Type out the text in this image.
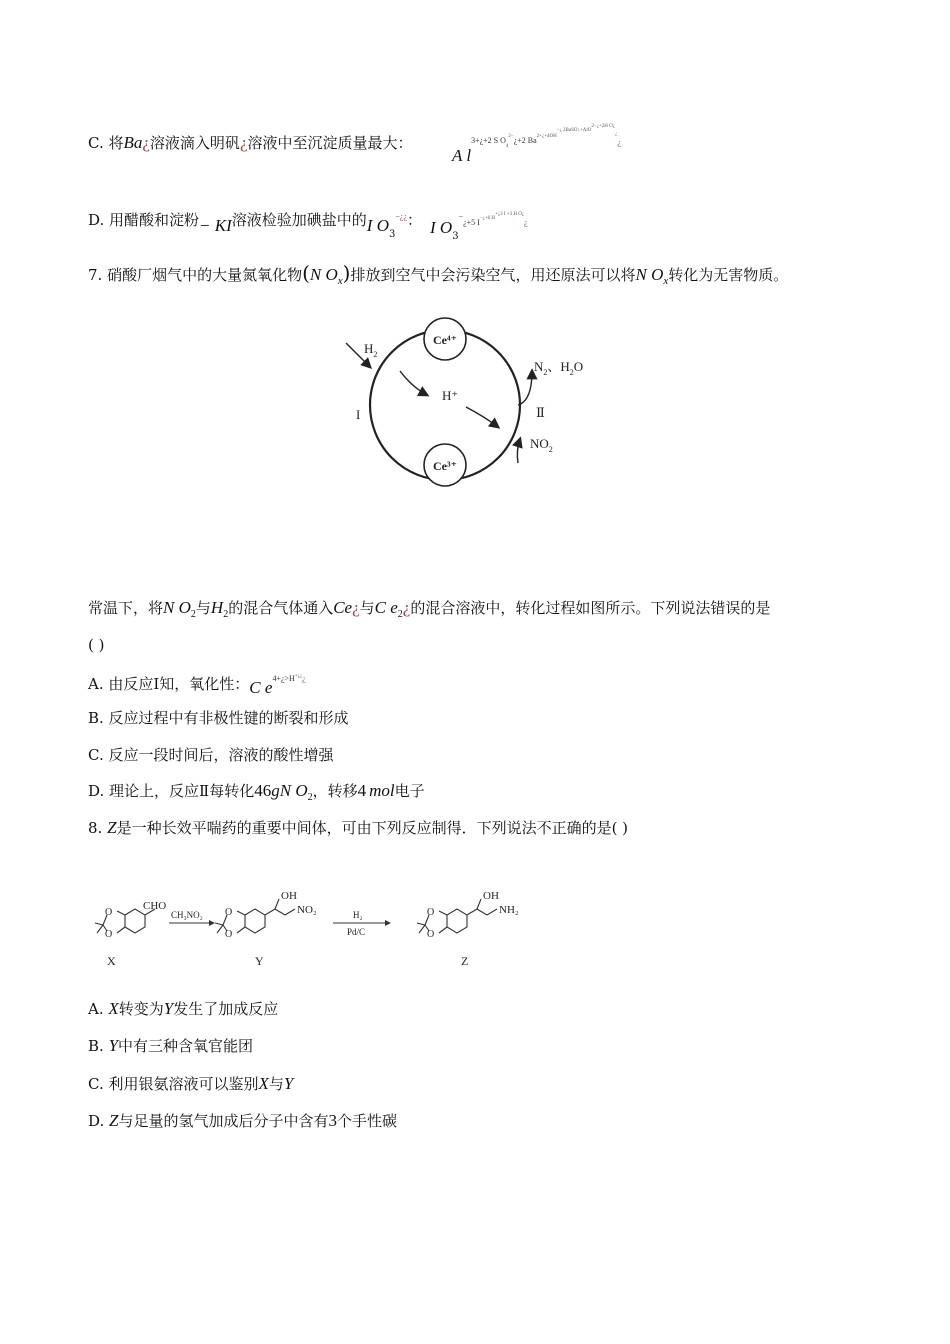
C. 将Ba¿溶液滴入明矾¿溶液中至沉淀质量最大：
A $l^{3+¿+2 S O42-¿+2 Ba2+¿+4OH-¿ 2BaSO↓+AlO2-¿+2H O¿¿¿}$
D. 用醋酸和淀粉− KI溶液检验加碘盐中的I $O_3^{-¿¿}$： I $O_3^{-¿+5 I-¿+6 H+¿3 I +3 H O¿¿}$
7. 硝酸厂烟气中的大量氮氧化物(N $O_x$)排放到空气中会污染空气，用还原法可以将N $O_x$转化为无害物质。
Ce⁴⁺
Ce³⁺
$H_2$
H⁺
I
$N_2$、$H_2O$
Ⅱ
$NO_2$
常温下，将N $O_2$与$H_2$的混合气体通入Ce¿与C $e_2¿$的混合溶液中，转化过程如图所示。下列说法错误的是
( )
A. 由反应Ⅰ知，氧化性：C $e^{4+¿>H+¿¿¿}$
B. 反应过程中有非极性键的断裂和形成
C. 反应一段时间后，溶液的酸性增强
D. 理论上，反应Ⅱ每转化46gN $O_2$，转移4 mol电子
8. Z是一种长效平喘药的重要中间体，可由下列反应制得．下列说法不正确的是( )
O
O
CHO
X
CH₃NO₂ O
O
OH
NO₂
Y
H₂
Pd/C
O
O
OH
NH₂
Z
A. X转变为Y发生了加成反应
B. Y中有三种含氧官能团
C. 利用银氨溶液可以鉴别X与Y
D. Z与足量的氢气加成后分子中含有3个手性碳
